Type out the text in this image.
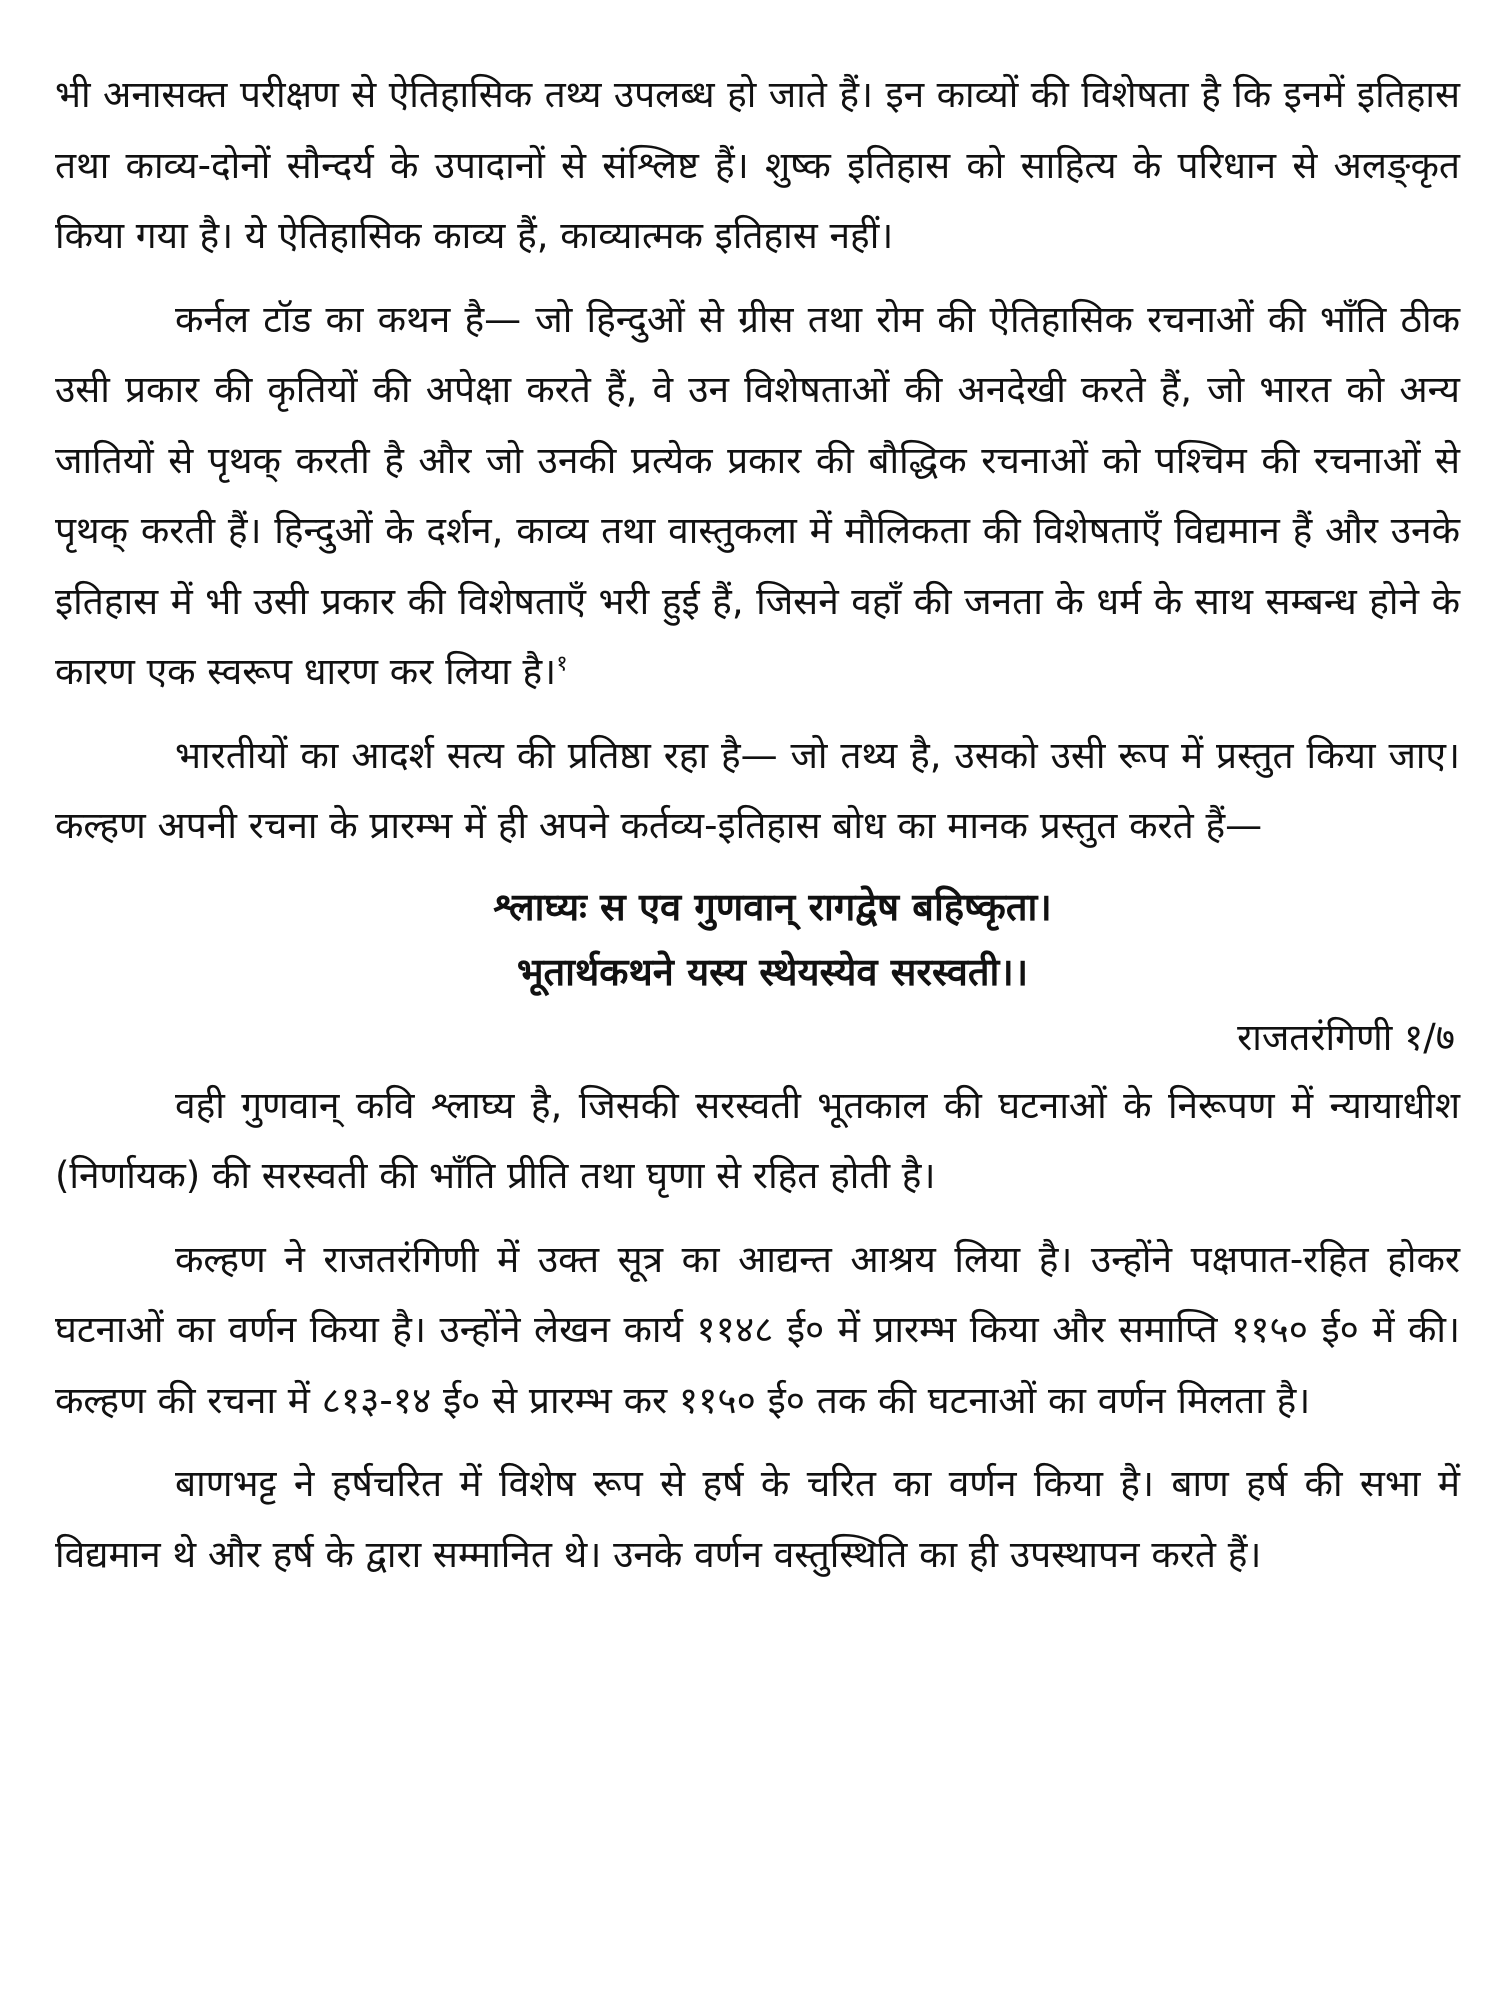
भी अनासक्त परीक्षण से ऐतिहासिक तथ्य उपलब्ध हो जाते हैं। इन काव्यों की विशेषता है कि इनमें इतिहास तथा काव्य-दोनों सौन्दर्य के उपादानों से संश्लिष्ट हैं। शुष्क इतिहास को साहित्य के परिधान से अलङ्कृत किया गया है। ये ऐतिहासिक काव्य हैं, काव्यात्मक इतिहास नहीं।

कर्नल टॉड का कथन है— जो हिन्दुओं से ग्रीस तथा रोम की ऐतिहासिक रचनाओं की भाँति ठीक उसी प्रकार की कृतियों की अपेक्षा करते हैं, वे उन विशेषताओं की अनदेखी करते हैं, जो भारत को अन्य जातियों से पृथक् करती है और जो उनकी प्रत्येक प्रकार की बौद्धिक रचनाओं को पश्चिम की रचनाओं से पृथक् करती हैं। हिन्दुओं के दर्शन, काव्य तथा वास्तुकला में मौलिकता की विशेषताएँ विद्यमान हैं और उनके इतिहास में भी उसी प्रकार की विशेषताएँ भरी हुई हैं, जिसने वहाँ की जनता के धर्म के साथ सम्बन्ध होने के कारण एक स्वरूप धारण कर लिया है।$^१$

भारतीयों का आदर्श सत्य की प्रतिष्ठा रहा है— जो तथ्य है, उसको उसी रूप में प्रस्तुत किया जाए। कल्हण अपनी रचना के प्रारम्भ में ही अपने कर्तव्य-इतिहास बोध का मानक प्रस्तुत करते हैं—

श्लाघ्यः स एव गुणवान् रागद्वेष बहिष्कृता।

भूतार्थकथने यस्य स्थेयस्येव सरस्वती।।

राजतरंगिणी १/७

वही गुणवान् कवि श्लाघ्य है, जिसकी सरस्वती भूतकाल की घटनाओं के निरूपण में न्यायाधीश (निर्णायक) की सरस्वती की भाँति प्रीति तथा घृणा से रहित होती है।

कल्हण ने राजतरंगिणी में उक्त सूत्र का आद्यन्त आश्रय लिया है। उन्होंने पक्षपात-रहित होकर घटनाओं का वर्णन किया है। उन्होंने लेखन कार्य ११४८ ई० में प्रारम्भ किया और समाप्ति ११५० ई० में की। कल्हण की रचना में ८१३-१४ ई० से प्रारम्भ कर ११५० ई० तक की घटनाओं का वर्णन मिलता है।

बाणभट्ट ने हर्षचरित में विशेष रूप से हर्ष के चरित का वर्णन किया है। बाण हर्ष की सभा में विद्यमान थे और हर्ष के द्वारा सम्मानित थे। उनके वर्णन वस्तुस्थिति का ही उपस्थापन करते हैं।
